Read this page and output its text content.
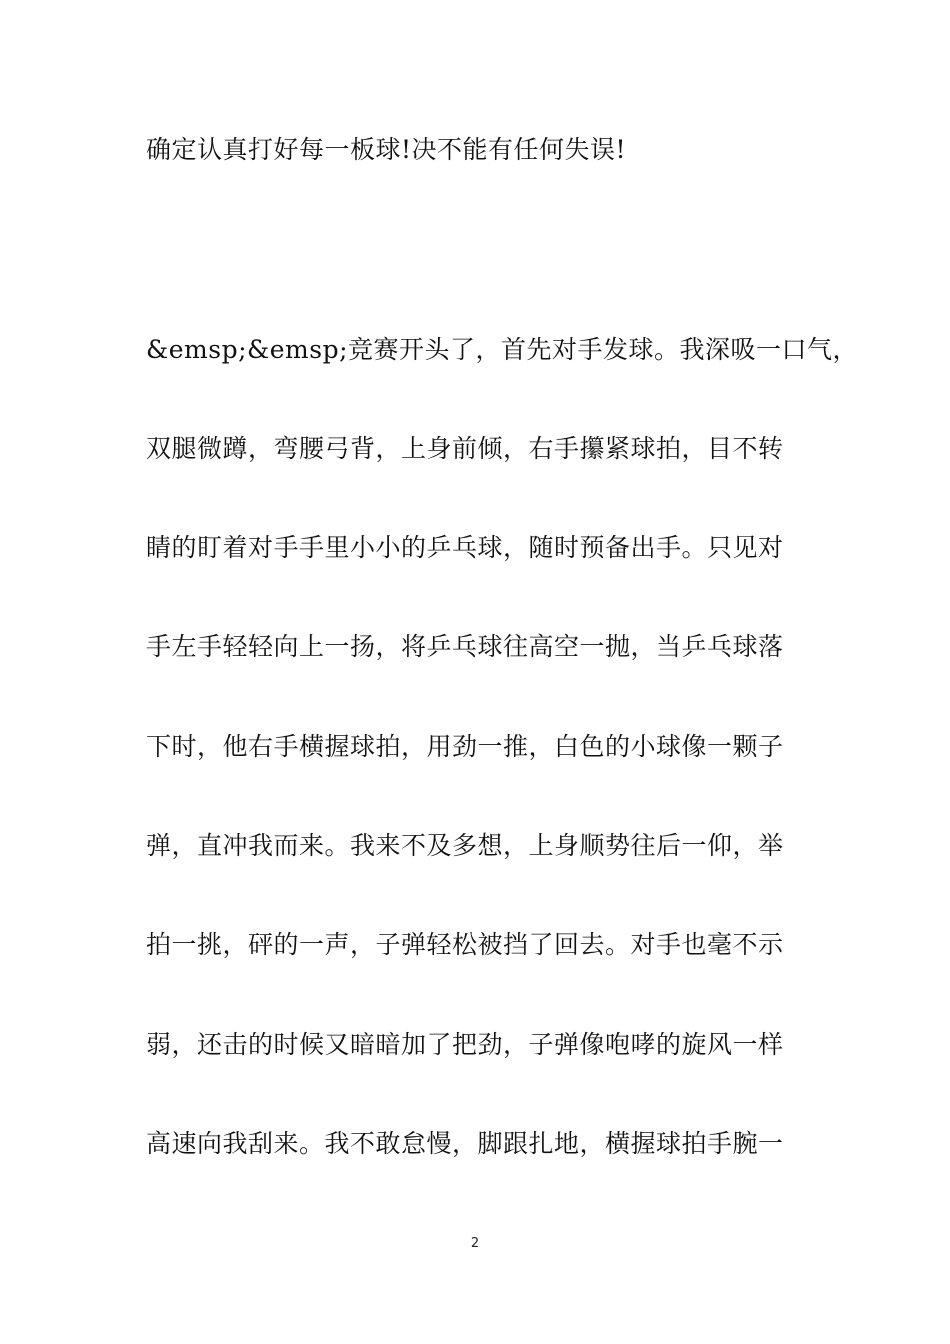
确定认真打好每一板球!决不能有任何失误!
&emsp;&emsp;竞赛开头了，首先对手发球。我深吸一口气，
双腿微蹲，弯腰弓背，上身前倾，右手攥紧球拍，目不转
睛的盯着对手手里小小的乒乓球，随时预备出手。只见对
手左手轻轻向上一扬，将乒乓球往高空一抛，当乒乓球落
下时，他右手横握球拍，用劲一推，白色的小球像一颗子
弹，直冲我而来。我来不及多想，上身顺势往后一仰，举
拍一挑，砰的一声，子弹轻松被挡了回去。对手也毫不示
弱，还击的时候又暗暗加了把劲，子弹像咆哮的旋风一样
高速向我刮来。我不敢怠慢，脚跟扎地，横握球拍手腕一
2
